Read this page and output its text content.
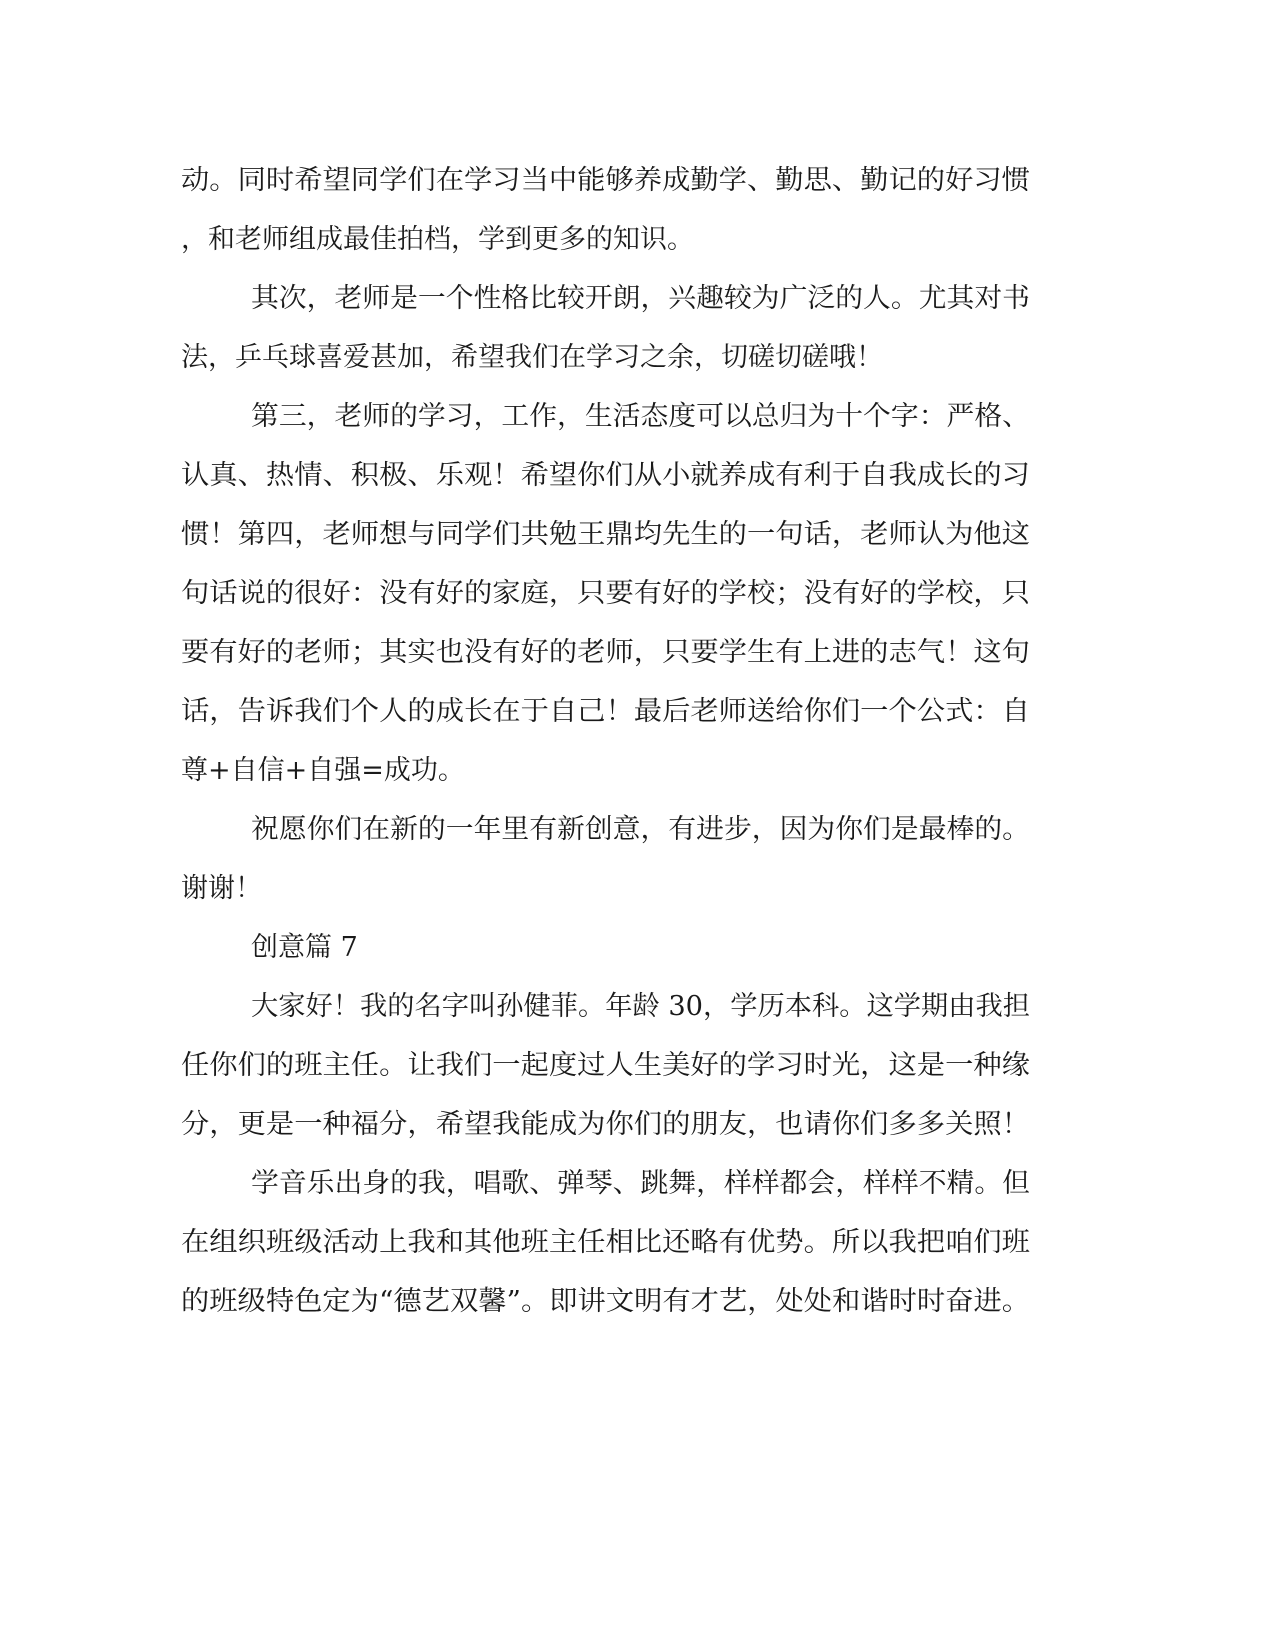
动。同时希望同学们在学习当中能够养成勤学、勤思、勤记的好习惯
，和老师组成最佳拍档，学到更多的知识。
其次，老师是一个性格比较开朗，兴趣较为广泛的人。尤其对书
法，乒乓球喜爱甚加，希望我们在学习之余，切磋切磋哦！
第三，老师的学习，工作，生活态度可以总归为十个字：严格、
认真、热情、积极、乐观！希望你们从小就养成有利于自我成长的习
惯！第四，老师想与同学们共勉王鼎均先生的一句话，老师认为他这
句话说的很好：没有好的家庭，只要有好的学校；没有好的学校，只
要有好的老师；其实也没有好的老师，只要学生有上进的志气！这句
话，告诉我们个人的成长在于自己！最后老师送给你们一个公式：自
尊+自信+自强=成功。
祝愿你们在新的一年里有新创意，有进步，因为你们是最棒的。
谢谢！
创意篇 7
大家好！我的名字叫孙健菲。年龄 30，学历本科。这学期由我担
任你们的班主任。让我们一起度过人生美好的学习时光，这是一种缘
分，更是一种福分，希望我能成为你们的朋友，也请你们多多关照！
学音乐出身的我，唱歌、弹琴、跳舞，样样都会，样样不精。但
在组织班级活动上我和其他班主任相比还略有优势。所以我把咱们班
的班级特色定为“德艺双馨”。即讲文明有才艺，处处和谐时时奋进。
